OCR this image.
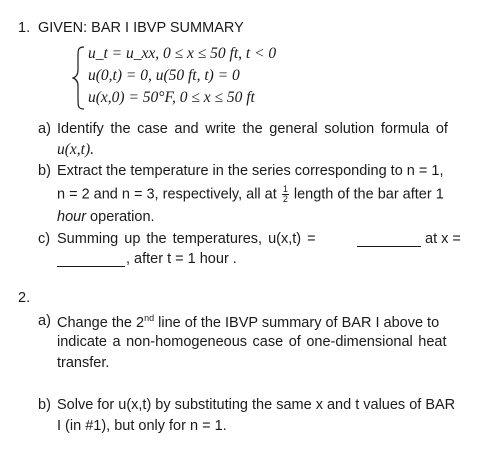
1. GIVEN: BAR I IBVP SUMMARY
u_t = u_xx, 0 ≤ x ≤ 50 ft, t < 0
u(0,t) = 0, u(50 ft, t) = 0
u(x,0) = 50°F, 0 ≤ x ≤ 50 ft
a) Identify the case and write the general solution formula of
u(x,t).
b) Extract the temperature in the series corresponding to n = 1,
n = 2 and n = 3, respectively, all at $\frac{1}{2}$ length of the bar after 1
hour operation.
c) Summing up the temperatures, u(x,t) =	at x =
, after t = 1 hour .
2.
a) Change the 2nd line of the IBVP summary of BAR I above to
indicate a non-homogeneous case of one-dimensional heat
transfer.
b) Solve for u(x,t) by substituting the same x and t values of BAR
I (in #1), but only for n = 1.
